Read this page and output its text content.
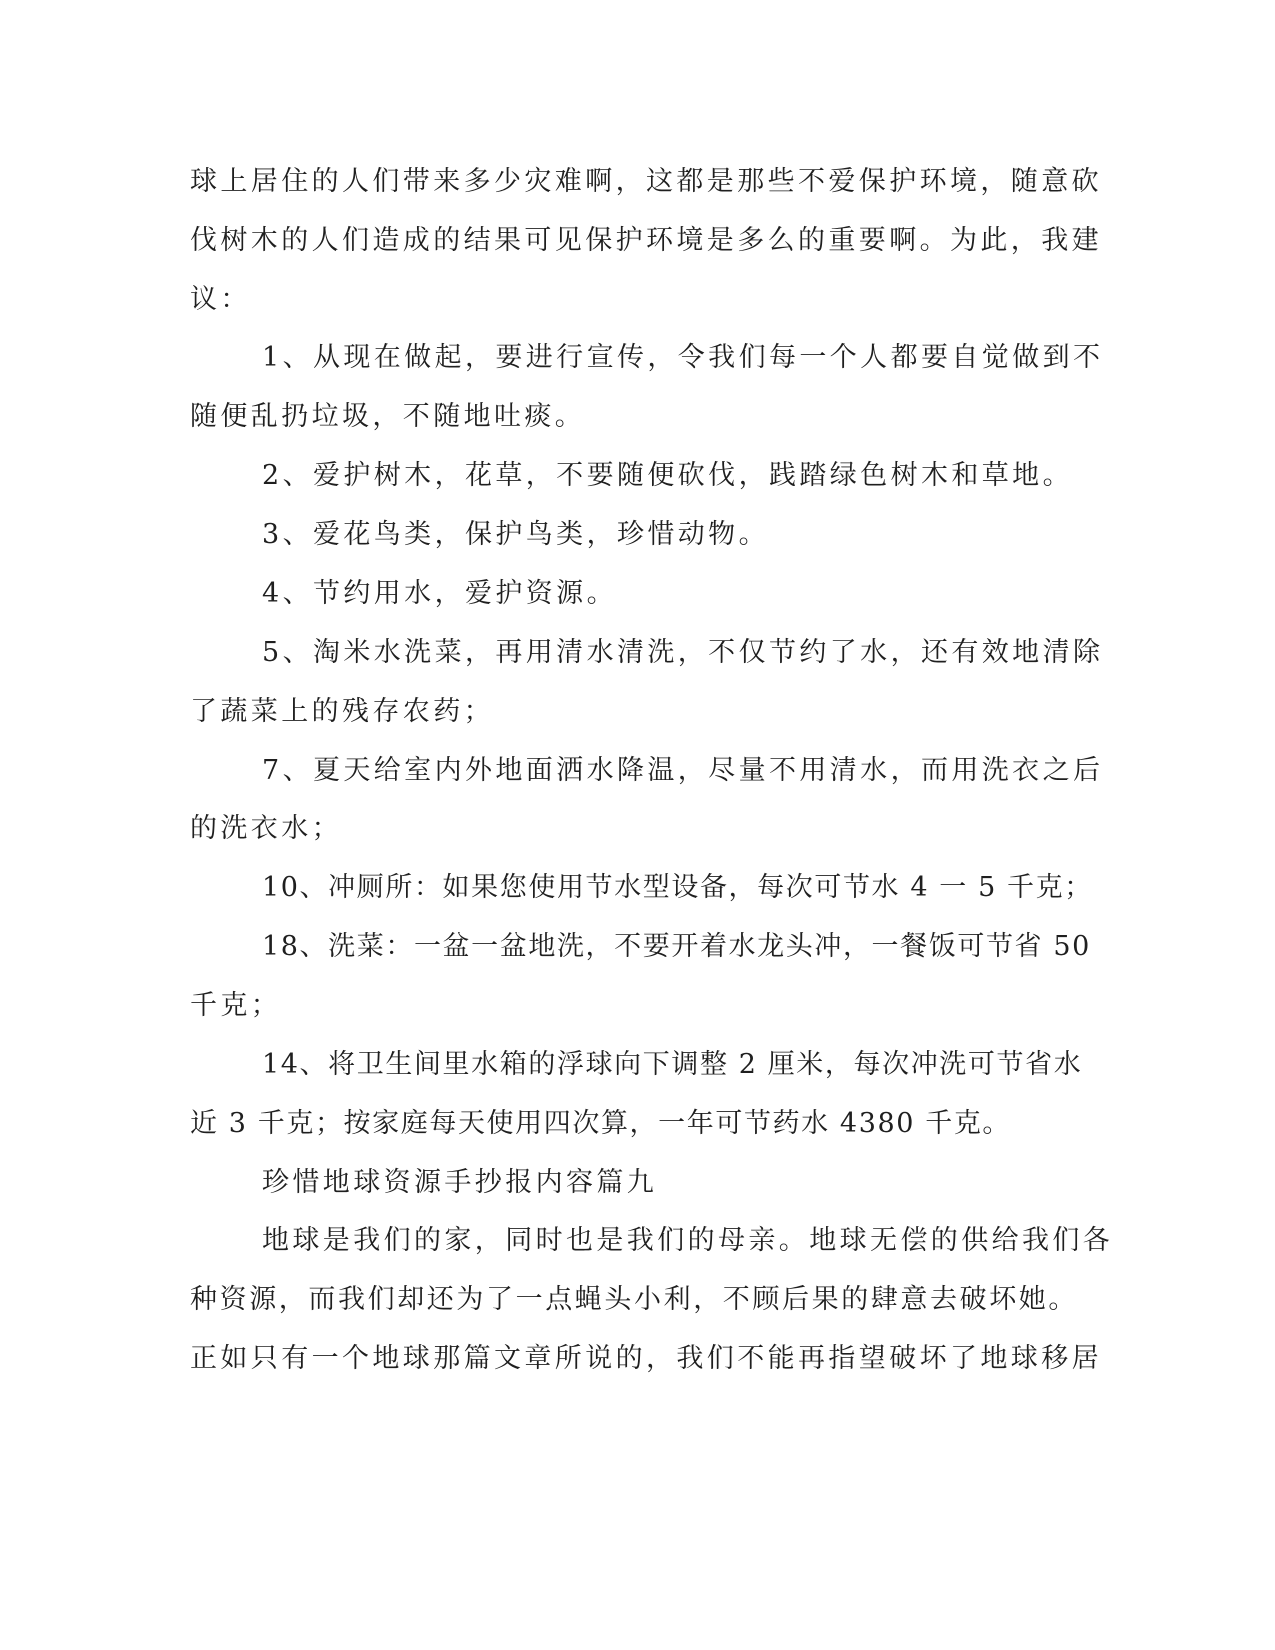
球上居住的人们带来多少灾难啊，这都是那些不爱保护环境，随意砍
伐树木的人们造成的结果可见保护环境是多么的重要啊。为此，我建
议：
1、从现在做起，要进行宣传，令我们每一个人都要自觉做到不
随便乱扔垃圾，不随地吐痰。
2、爱护树木，花草，不要随便砍伐，践踏绿色树木和草地。
3、爱花鸟类，保护鸟类，珍惜动物。
4、节约用水，爱护资源。
5、淘米水洗菜，再用清水清洗，不仅节约了水，还有效地清除
了蔬菜上的残存农药；
7、夏天给室内外地面洒水降温，尽量不用清水，而用洗衣之后
的洗衣水；
10、冲厕所：如果您使用节水型设备，每次可节水 4 一 5 千克；
18、洗菜：一盆一盆地洗，不要开着水龙头冲，一餐饭可节省 50
千克；
14、将卫生间里水箱的浮球向下调整 2 厘米，每次冲洗可节省水
近 3 千克；按家庭每天使用四次算，一年可节药水 4380 千克。
珍惜地球资源手抄报内容篇九
地球是我们的家，同时也是我们的母亲。地球无偿的供给我们各
种资源，而我们却还为了一点蝇头小利，不顾后果的肆意去破坏她。
正如只有一个地球那篇文章所说的，我们不能再指望破坏了地球移居
